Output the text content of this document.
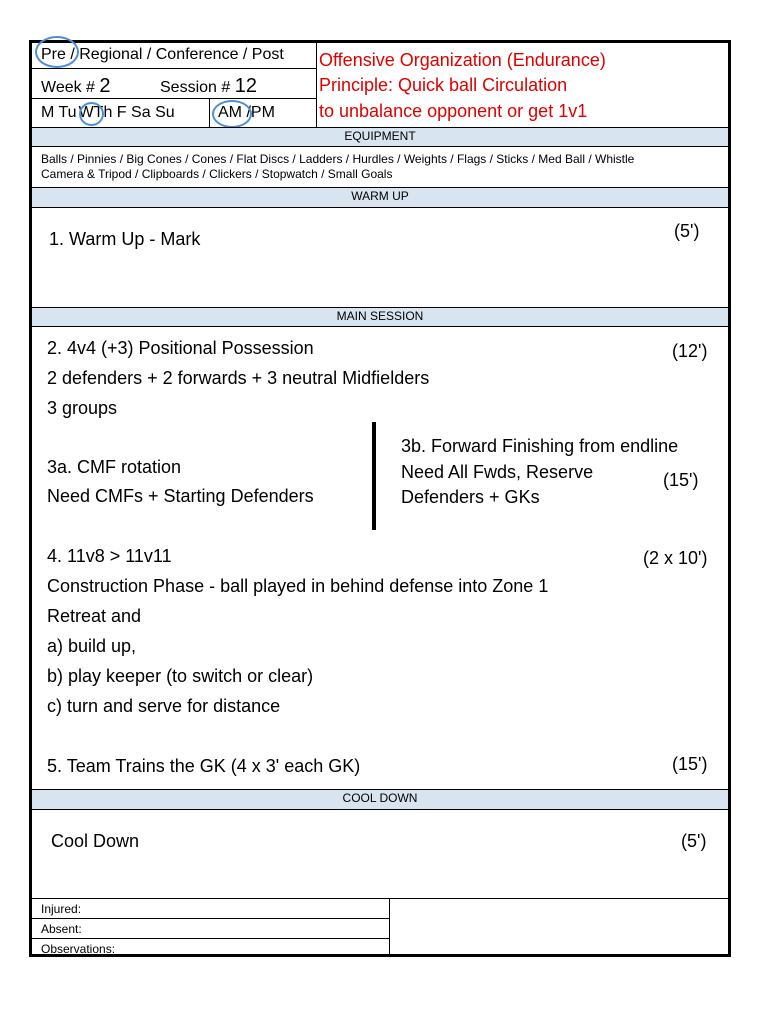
Pre / Regional / Conference / Post
Week # 2	Session # 12
M Tu WTh F Sa Su	AM /PM
Offensive Organization (Endurance)
Principle: Quick ball Circulation
to unbalance opponent or get 1v1
EQUIPMENT
Balls / Pinnies / Big Cones / Cones / Flat Discs / Ladders / Hurdles / Weights / Flags / Sticks / Med Ball / Whistle
Camera & Tripod / Clipboards / Clickers / Stopwatch / Small Goals
WARM UP
1. Warm Up - Mark	(5')
MAIN SESSION
2. 4v4 (+3) Positional Possession	(12')
2 defenders + 2 forwards + 3 neutral Midfielders
3 groups
3a. CMF rotation
Need CMFs + Starting Defenders
3b. Forward Finishing from endline
Need All Fwds, Reserve
Defenders + GKs
(15')
4. 11v8 > 11v11	(2 x 10')
Construction Phase - ball played in behind defense into Zone 1
Retreat and
a) build up,
b) play keeper (to switch or clear)
c) turn and serve for distance
5. Team Trains the GK (4 x 3' each GK)	(15')
COOL DOWN
Cool Down	(5')
Injured:
Absent:
Observations:
